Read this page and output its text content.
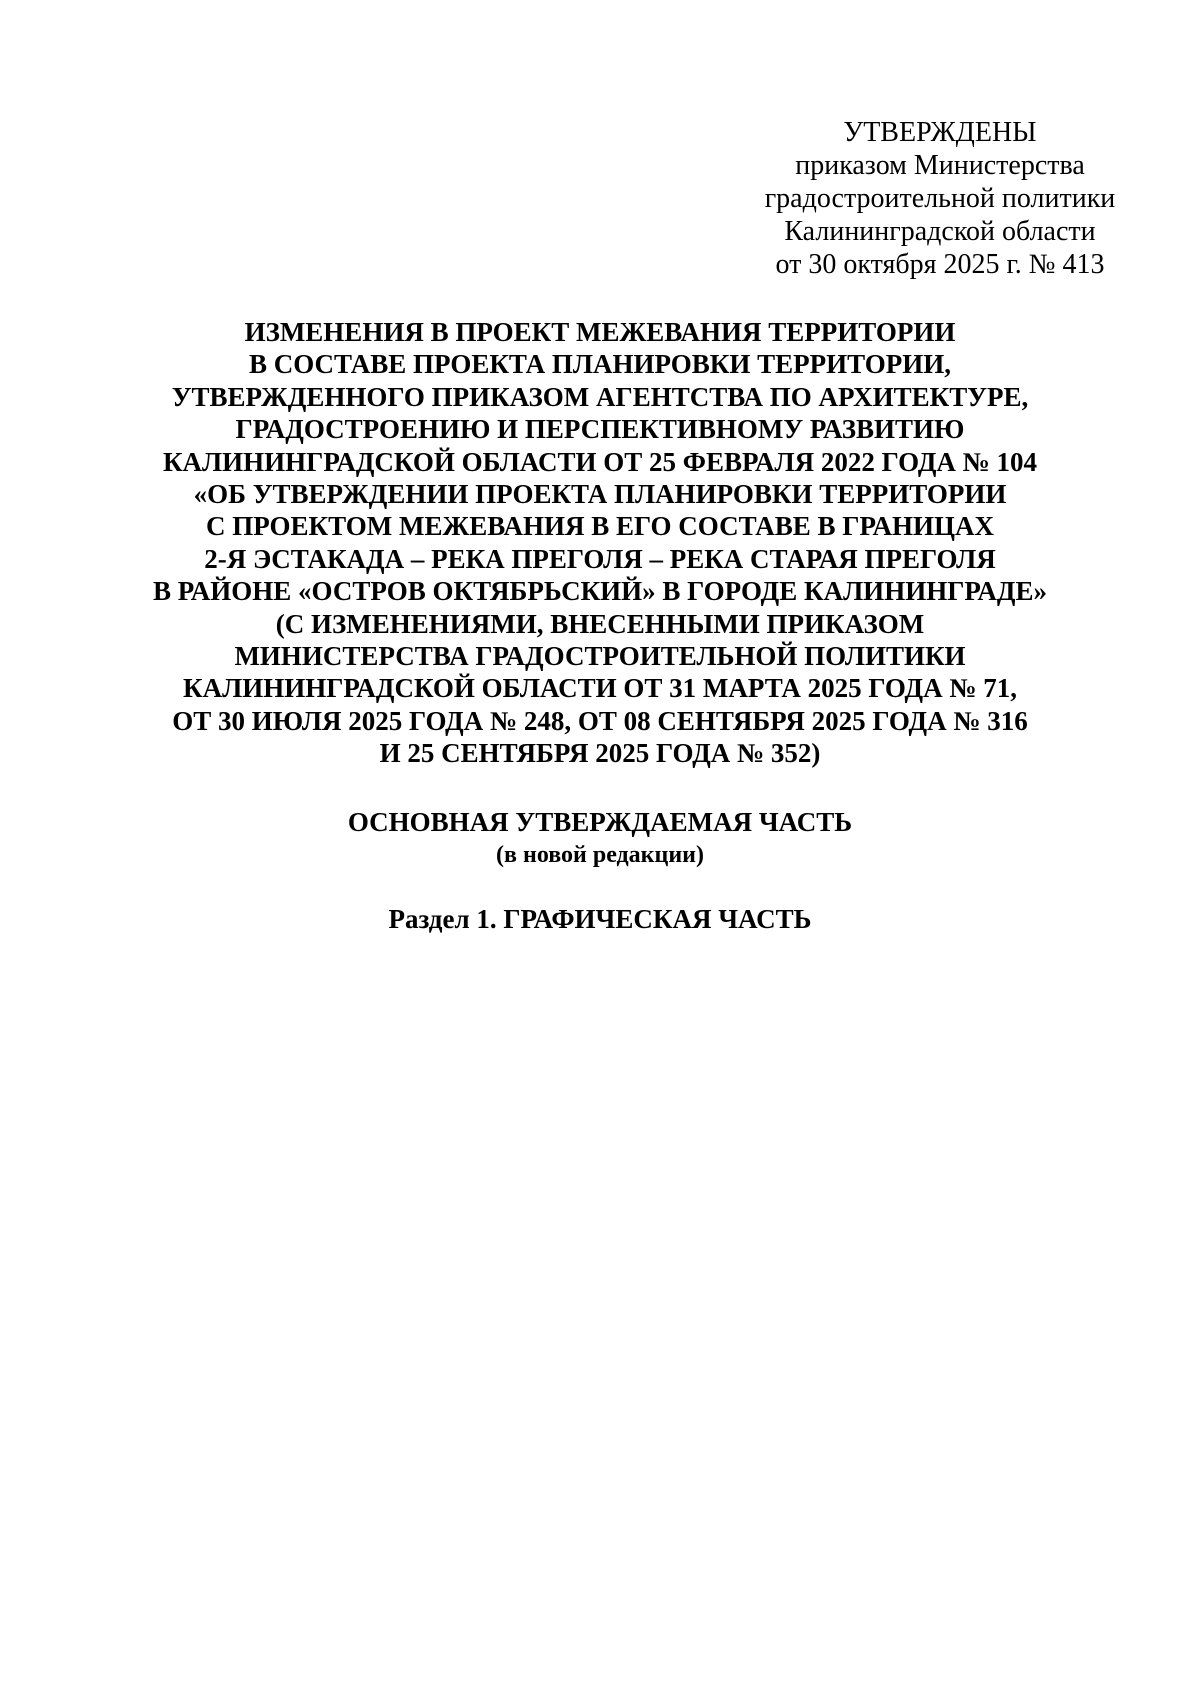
УТВЕРЖДЕНЫ
приказом Министерства
градостроительной политики
Калининградской области
от 30 октября 2025 г. № 413
ИЗМЕНЕНИЯ В ПРОЕКТ МЕЖЕВАНИЯ ТЕРРИТОРИИ
В СОСТАВЕ ПРОЕКТА ПЛАНИРОВКИ ТЕРРИТОРИИ,
УТВЕРЖДЕННОГО ПРИКАЗОМ АГЕНТСТВА ПО АРХИТЕКТУРЕ,
ГРАДОСТРОЕНИЮ И ПЕРСПЕКТИВНОМУ РАЗВИТИЮ
КАЛИНИНГРАДСКОЙ ОБЛАСТИ ОТ 25 ФЕВРАЛЯ 2022 ГОДА № 104
«ОБ УТВЕРЖДЕНИИ ПРОЕКТА ПЛАНИРОВКИ ТЕРРИТОРИИ
С ПРОЕКТОМ МЕЖЕВАНИЯ В ЕГО СОСТАВЕ В ГРАНИЦАХ
2-Я ЭСТАКАДА – РЕКА ПРЕГОЛЯ – РЕКА СТАРАЯ ПРЕГОЛЯ
В РАЙОНЕ «ОСТРОВ ОКТЯБРЬСКИЙ» В ГОРОДЕ КАЛИНИНГРАДЕ»
(С ИЗМЕНЕНИЯМИ, ВНЕСЕННЫМИ ПРИКАЗОМ
МИНИСТЕРСТВА ГРАДОСТРОИТЕЛЬНОЙ ПОЛИТИКИ
КАЛИНИНГРАДСКОЙ ОБЛАСТИ ОТ 31 МАРТА 2025 ГОДА № 71,
ОТ 30 ИЮЛЯ 2025 ГОДА № 248, ОТ 08 СЕНТЯБРЯ 2025 ГОДА № 316
И 25 СЕНТЯБРЯ 2025 ГОДА № 352)
ОСНОВНАЯ УТВЕРЖДАЕМАЯ ЧАСТЬ
(в новой редакции)
Раздел 1. ГРАФИЧЕСКАЯ ЧАСТЬ
